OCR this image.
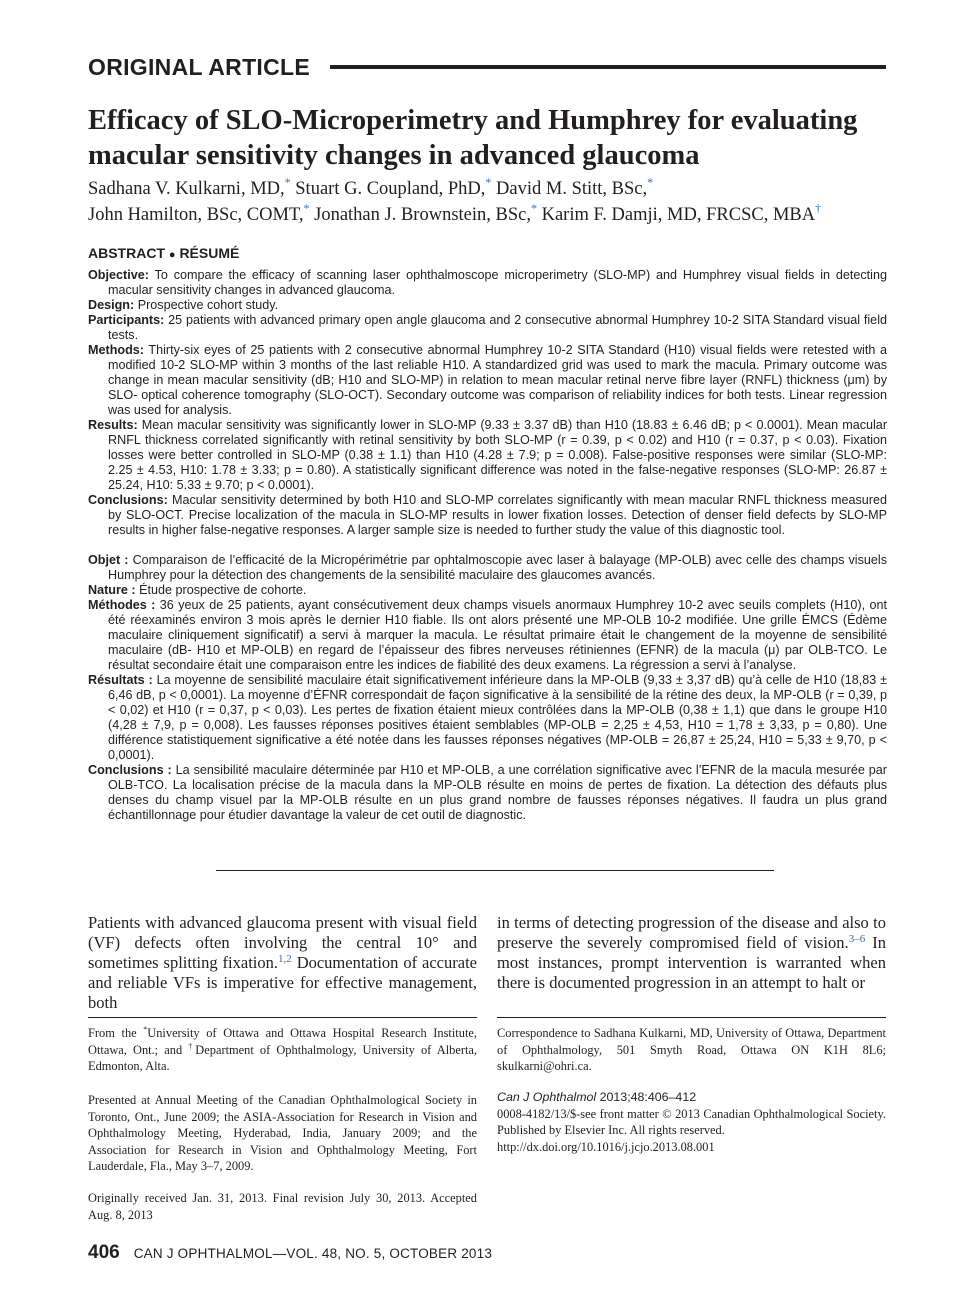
ORIGINAL ARTICLE
Efficacy of SLO-Microperimetry and Humphrey for evaluating macular sensitivity changes in advanced glaucoma
Sadhana V. Kulkarni, MD,* Stuart G. Coupland, PhD,* David M. Stitt, BSc,*
John Hamilton, BSc, COMT,* Jonathan J. Brownstein, BSc,* Karim F. Damji, MD, FRCSC, MBA†
ABSTRACT ● RÉSUMÉ

Objective: To compare the efficacy of scanning laser ophthalmoscope microperimetry (SLO-MP) and Humphrey visual fields in detecting macular sensitivity changes in advanced glaucoma.

Design: Prospective cohort study.

Participants: 25 patients with advanced primary open angle glaucoma and 2 consecutive abnormal Humphrey 10-2 SITA Standard visual field tests.

Methods: Thirty-six eyes of 25 patients with 2 consecutive abnormal Humphrey 10-2 SITA Standard (H10) visual fields were retested with a modified 10-2 SLO-MP within 3 months of the last reliable H10. A standardized grid was used to mark the macula. Primary outcome was change in mean macular sensitivity (dB; H10 and SLO-MP) in relation to mean macular retinal nerve fibre layer (RNFL) thickness (μm) by SLO- optical coherence tomography (SLO-OCT). Secondary outcome was comparison of reliability indices for both tests. Linear regression was used for analysis.

Results: Mean macular sensitivity was significantly lower in SLO-MP (9.33 ± 3.37 dB) than H10 (18.83 ± 6.46 dB; p < 0.0001). Mean macular RNFL thickness correlated significantly with retinal sensitivity by both SLO-MP (r = 0.39, p < 0.02) and H10 (r = 0.37, p < 0.03). Fixation losses were better controlled in SLO-MP (0.38 ± 1.1) than H10 (4.28 ± 7.9; p = 0.008). False-positive responses were similar (SLO-MP: 2.25 ± 4.53, H10: 1.78 ± 3.33; p = 0.80). A statistically significant difference was noted in the false-negative responses (SLO-MP: 26.87 ± 25.24, H10: 5.33 ± 9.70; p < 0.0001).

Conclusions: Macular sensitivity determined by both H10 and SLO-MP correlates significantly with mean macular RNFL thickness measured by SLO-OCT. Precise localization of the macula in SLO-MP results in lower fixation losses. Detection of denser field defects by SLO-MP results in higher false-negative responses. A larger sample size is needed to further study the value of this diagnostic tool.

Objet : Comparaison de l’efficacité de la Micropérimétrie par ophtalmoscopie avec laser à balayage (MP-OLB) avec celle des champs visuels Humphrey pour la détection des changements de la sensibilité maculaire des glaucomes avancés.

Nature : Étude prospective de cohorte.

Méthodes : 36 yeux de 25 patients, ayant consécutivement deux champs visuels anormaux Humphrey 10-2 avec seuils complets (H10), ont été réexaminés environ 3 mois après le dernier H10 fiable. Ils ont alors présenté une MP-OLB 10-2 modifiée. Une grille ÉMCS (Édème maculaire cliniquement significatif) a servi à marquer la macula. Le résultat primaire était le changement de la moyenne de sensibilité maculaire (dB- H10 et MP-OLB) en regard de l’épaisseur des fibres nerveuses rétiniennes (EFNR) de la macula (μ) par OLB-TCO. Le résultat secondaire était une comparaison entre les indices de fiabilité des deux examens. La régression a servi à l’analyse.

Résultats : La moyenne de sensibilité maculaire était significativement inférieure dans la MP-OLB (9,33 ± 3,37 dB) qu’à celle de H10 (18,83 ± 6,46 dB, p < 0,0001). La moyenne d’ÉFNR correspondait de façon significative à la sensibilité de la rétine des deux, la MP-OLB (r = 0,39, p < 0,02) et H10 (r = 0,37, p < 0,03). Les pertes de fixation étaient mieux contrôlées dans la MP-OLB (0,38 ± 1,1) que dans le groupe H10 (4,28 ± 7,9, p = 0,008). Les fausses réponses positives étaient semblables (MP-OLB = 2,25 ± 4,53, H10 = 1,78 ± 3,33, p = 0,80). Une différence statistiquement significative a été notée dans les fausses réponses négatives (MP-OLB = 26,87 ± 25,24, H10 = 5,33 ± 9,70, p < 0,0001).

Conclusions : La sensibilité maculaire déterminée par H10 et MP-OLB, a une corrélation significative avec l’EFNR de la macula mesurée par OLB-TCO. La localisation précise de la macula dans la MP-OLB résulte en moins de pertes de fixation. La détection des défauts plus denses du champ visuel par la MP-OLB résulte en un plus grand nombre de fausses réponses négatives. Il faudra un plus grand échantillonnage pour étudier davantage la valeur de cet outil de diagnostic.

Patients with advanced glaucoma present with visual field (VF) defects often involving the central 10° and sometimes splitting fixation.$^{1,2}$ Documentation of accurate and reliable VFs is imperative for effective management, both
in terms of detecting progression of the disease and also to preserve the severely compromised field of vision.$^{3-6}$ In most instances, prompt intervention is warranted when there is documented progression in an attempt to halt or

From the *University of Ottawa and Ottawa Hospital Research Institute, Ottawa, Ont.; and †Department of Ophthalmology, University of Alberta, Edmonton, Alta.

Presented at Annual Meeting of the Canadian Ophthalmological Society in Toronto, Ont., June 2009; the ASIA-Association for Research in Vision and Ophthalmology Meeting, Hyderabad, India, January 2009; and the Association for Research in Vision and Ophthalmology Meeting, Fort Lauderdale, Fla., May 3–7, 2009.

Originally received Jan. 31, 2013. Final revision July 30, 2013. Accepted Aug. 8, 2013

Correspondence to Sadhana Kulkarni, MD, University of Ottawa, Department of Ophthalmology, 501 Smyth Road, Ottawa ON K1H 8L6; skulkarni@ohri.ca.

Can J Ophthalmol 2013;48:406–412

0008-4182/13/$-see front matter © 2013 Canadian Ophthalmological Society. Published by Elsevier Inc. All rights reserved.

http://dx.doi.org/10.1016/j.jcjo.2013.08.001

406 CAN J OPHTHALMOL—VOL. 48, NO. 5, OCTOBER 2013
